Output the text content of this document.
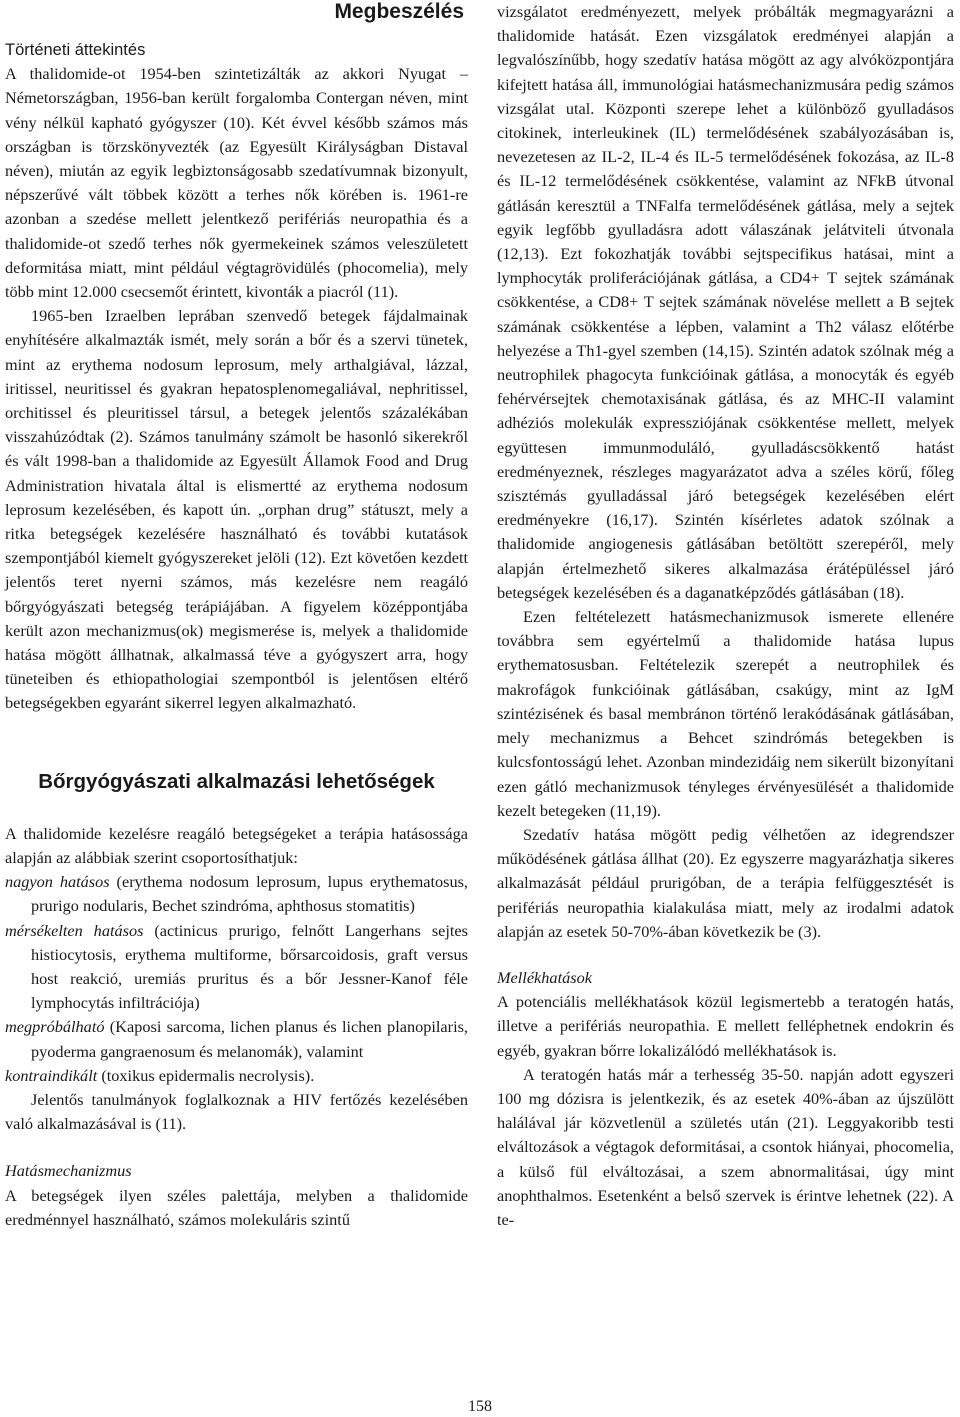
Megbeszélés

Történeti áttekintés

A thalidomide-ot 1954-ben szintetizálták az akkori Nyugat – Németországban, 1956-ban került forgalomba Contergan néven, mint vény nélkül kapható gyógyszer (10). Két évvel később számos más országban is törzskönyvezték (az Egyesült Királyságban Distaval néven), miután az egyik legbiztonságosabb szedatívumnak bizonyult, népszerűvé vált többek között a terhes nők körében is. 1961-re azonban a szedése mellett jelentkező perifériás neuropathia és a thalidomide-ot szedő terhes nők gyermekeinek számos veleszületett deformitása miatt, mint például végtagrövidülés (phocomelia), mely több mint 12.000 csecsemőt érintett, kivonták a piacról (11).

1965-ben Izraelben leprában szenvedő betegek fájdalmainak enyhítésére alkalmazták ismét, mely során a bőr és a szervi tünetek, mint az erythema nodosum leprosum, mely arthalgiával, lázzal, iritissel, neuritissel és gyakran hepatosplenomegaliával, nephritissel, orchitissel és pleuritissel társul, a betegek jelentős százalékában visszahúzódtak (2). Számos tanulmány számolt be hasonló sikerekről és vált 1998-ban a thalidomide az Egyesült Államok Food and Drug Administration hivatala által is elismertté az erythema nodosum leprosum kezelésében, és kapott ún. „orphan drug” státuszt, mely a ritka betegségek kezelésére használható és további kutatások szempontjából kiemelt gyógyszereket jelöli (12). Ezt követően kezdett jelentős teret nyerni számos, más kezelésre nem reagáló bőrgyógyászati betegség terápiájában. A figyelem középpontjába került azon mechanizmus(ok) megismerése is, melyek a thalidomide hatása mögött állhatnak, alkalmassá téve a gyógyszert arra, hogy tüneteiben és ethiopathologiai szempontból is jelentősen eltérő betegségekben egyaránt sikerrel legyen alkalmazható.

Bőrgyógyászati alkalmazási lehetőségek

A thalidomide kezelésre reagáló betegségeket a terápia hatásossága alapján az alábbiak szerint csoportosíthatjuk:

nagyon hatásos (erythema nodosum leprosum, lupus erythematosus, prurigo nodularis, Bechet szindróma, aphthosus stomatitis)

mérsékelten hatásos (actinicus prurigo, felnőtt Langerhans sejtes histiocytosis, erythema multiforme, bőrsarcoidosis, graft versus host reakció, uremiás pruritus és a bőr Jessner-Kanof féle lymphocytás infiltrációja)

megpróbálható (Kaposi sarcoma, lichen planus és lichen planopilaris, pyoderma gangraenosum és melanomák), valamint

kontraindikált (toxikus epidermalis necrolysis).

Jelentős tanulmányok foglalkoznak a HIV fertőzés kezelésében való alkalmazásával is (11).

Hatásmechanizmus

A betegségek ilyen széles palettája, melyben a thalidomide eredménnyel használható, számos molekuláris szintű

vizsgálatot eredményezett, melyek próbálták megmagyarázni a thalidomide hatását. Ezen vizsgálatok eredményei alapján a legvalószínűbb, hogy szedatív hatása mögött az agy alvóközpontjára kifejtett hatása áll, immunológiai hatásmechanizmusára pedig számos vizsgálat utal. Központi szerepe lehet a különböző gyulladásos citokinek, interleukinek (IL) termelődésének szabályozásában is, nevezetesen az IL-2, IL-4 és IL-5 termelődésének fokozása, az IL-8 és IL-12 termelődésének csökkentése, valamint az NFkB útvonal gátlásán keresztül a TNFalfa termelődésének gátlása, mely a sejtek egyik legfőbb gyulladásra adott válaszának jelátviteli útvonala (12,13). Ezt fokozhatják további sejtspecifikus hatásai, mint a lymphocyták proliferációjának gátlása, a CD4+ T sejtek számának csökkentése, a CD8+ T sejtek számának növelése mellett a B sejtek számának csökkentése a lépben, valamint a Th2 válasz előtérbe helyezése a Th1-gyel szemben (14,15). Szintén adatok szólnak még a neutrophilek phagocyta funkcióinak gátlása, a monocyták és egyéb fehérvérsejtek chemotaxisának gátlása, és az MHC-II valamint adhéziós molekulák expressziójának csökkentése mellett, melyek együttesen immunmoduláló, gyulladáscsökkentő hatást eredményeznek, részleges magyarázatot adva a széles körű, főleg szisztémás gyulladással járó betegségek kezelésében elért eredményekre (16,17). Szintén kísérletes adatok szólnak a thalidomide angiogenesis gátlásában betöltött szerepéről, mely alapján értelmezhető sikeres alkalmazása érátépüléssel járó betegségek kezelésében és a daganatképződés gátlásában (18).

Ezen feltételezett hatásmechanizmusok ismerete ellenére továbbra sem egyértelmű a thalidomide hatása lupus erythematosusban. Feltételezik szerepét a neutrophilek és makrofágok funkcióinak gátlásában, csakúgy, mint az IgM szintézisének és basal membránon történő lerakódásának gátlásában, mely mechanizmus a Behcet szindrómás betegekben is kulcsfontosságú lehet. Azonban mindezidáig nem sikerült bizonyítani ezen gátló mechanizmusok tényleges érvényesülését a thalidomide kezelt betegeken (11,19).

Szedatív hatása mögött pedig vélhetően az idegrendszer működésének gátlása állhat (20). Ez egyszerre magyarázhatja sikeres alkalmazását például prurigóban, de a terápia felfüggesztését is perifériás neuropathia kialakulása miatt, mely az irodalmi adatok alapján az esetek 50-70%-ában következik be (3).

Mellékhatások

A potenciális mellékhatások közül legismertebb a teratogén hatás, illetve a perifériás neuropathia. E mellett felléphetnek endokrin és egyéb, gyakran bőrre lokalizálódó mellékhatások is.

A teratogén hatás már a terhesség 35-50. napján adott egyszeri 100 mg dózisra is jelentkezik, és az esetek 40%-ában az újszülött halálával jár közvetlenül a születés után (21). Leggyakoribb testi elváltozások a végtagok deformitásai, a csontok hiányai, phocomelia, a külső fül elváltozásai, a szem abnormalitásai, úgy mint anophthalmos. Esetenként a belső szervek is érintve lehetnek (22). A te-

158
